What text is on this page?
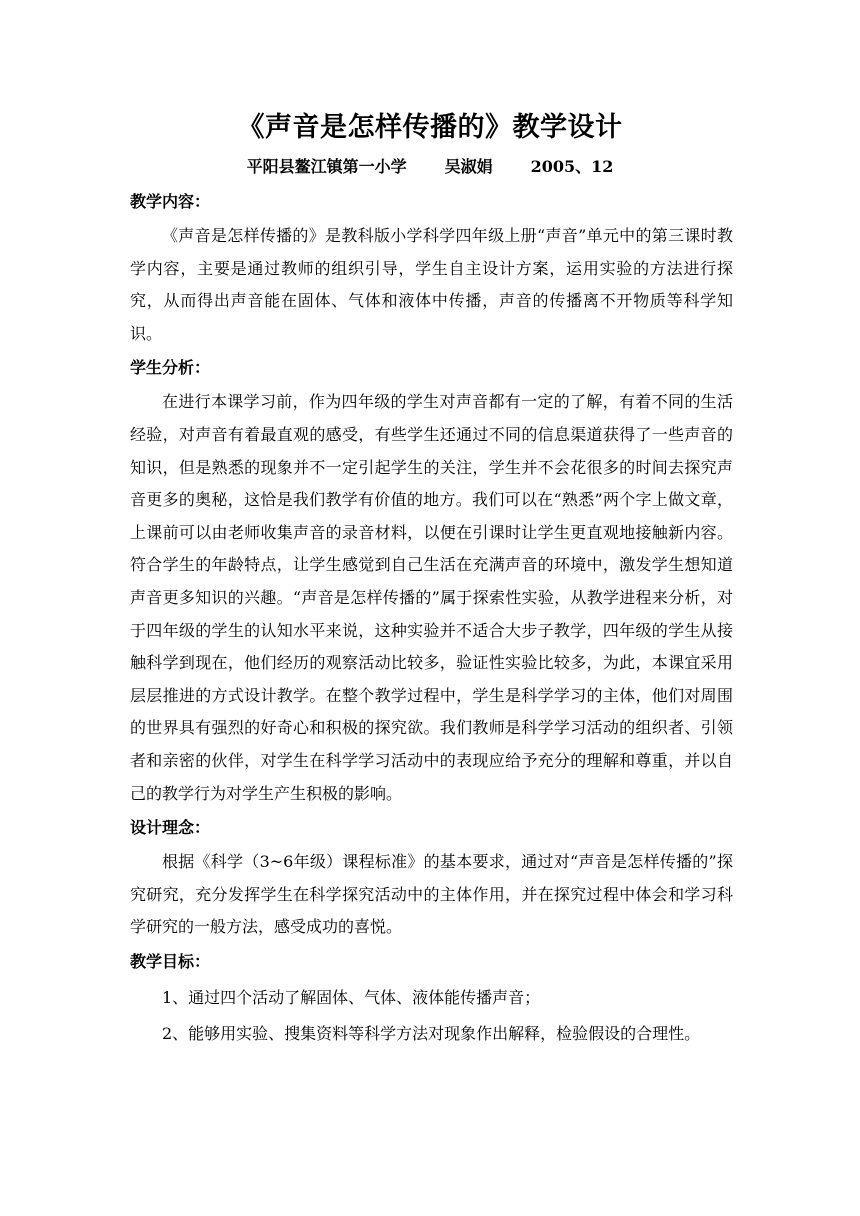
《声音是怎样传播的》教学设计
平阳县鳌江镇第一小学 吴淑娟 2005、12
教学内容：

《声音是怎样传播的》是教科版小学科学四年级上册“声音”单元中的第三课时教学内容，主要是通过教师的组织引导，学生自主设计方案，运用实验的方法进行探究，从而得出声音能在固体、气体和液体中传播，声音的传播离不开物质等科学知识。

学生分析：

在进行本课学习前，作为四年级的学生对声音都有一定的了解，有着不同的生活经验，对声音有着最直观的感受，有些学生还通过不同的信息渠道获得了一些声音的知识，但是熟悉的现象并不一定引起学生的关注，学生并不会花很多的时间去探究声音更多的奥秘，这恰是我们教学有价值的地方。我们可以在“熟悉”两个字上做文章，上课前可以由老师收集声音的录音材料，以便在引课时让学生更直观地接触新内容。符合学生的年龄特点，让学生感觉到自己生活在充满声音的环境中，激发学生想知道声音更多知识的兴趣。“声音是怎样传播的”属于探索性实验，从教学进程来分析，对于四年级的学生的认知水平来说，这种实验并不适合大步子教学，四年级的学生从接触科学到现在，他们经历的观察活动比较多，验证性实验比较多，为此，本课宜采用层层推进的方式设计教学。在整个教学过程中，学生是科学学习的主体，他们对周围的世界具有强烈的好奇心和积极的探究欲。我们教师是科学学习活动的组织者、引领者和亲密的伙伴，对学生在科学学习活动中的表现应给予充分的理解和尊重，并以自己的教学行为对学生产生积极的影响。

设计理念：

根据《科学（3~6年级）课程标准》的基本要求，通过对“声音是怎样传播的”探究研究，充分发挥学生在科学探究活动中的主体作用，并在探究过程中体会和学习科学研究的一般方法，感受成功的喜悦。

教学目标：

1、通过四个活动了解固体、气体、液体能传播声音；

2、能够用实验、搜集资料等科学方法对现象作出解释，检验假设的合理性。
